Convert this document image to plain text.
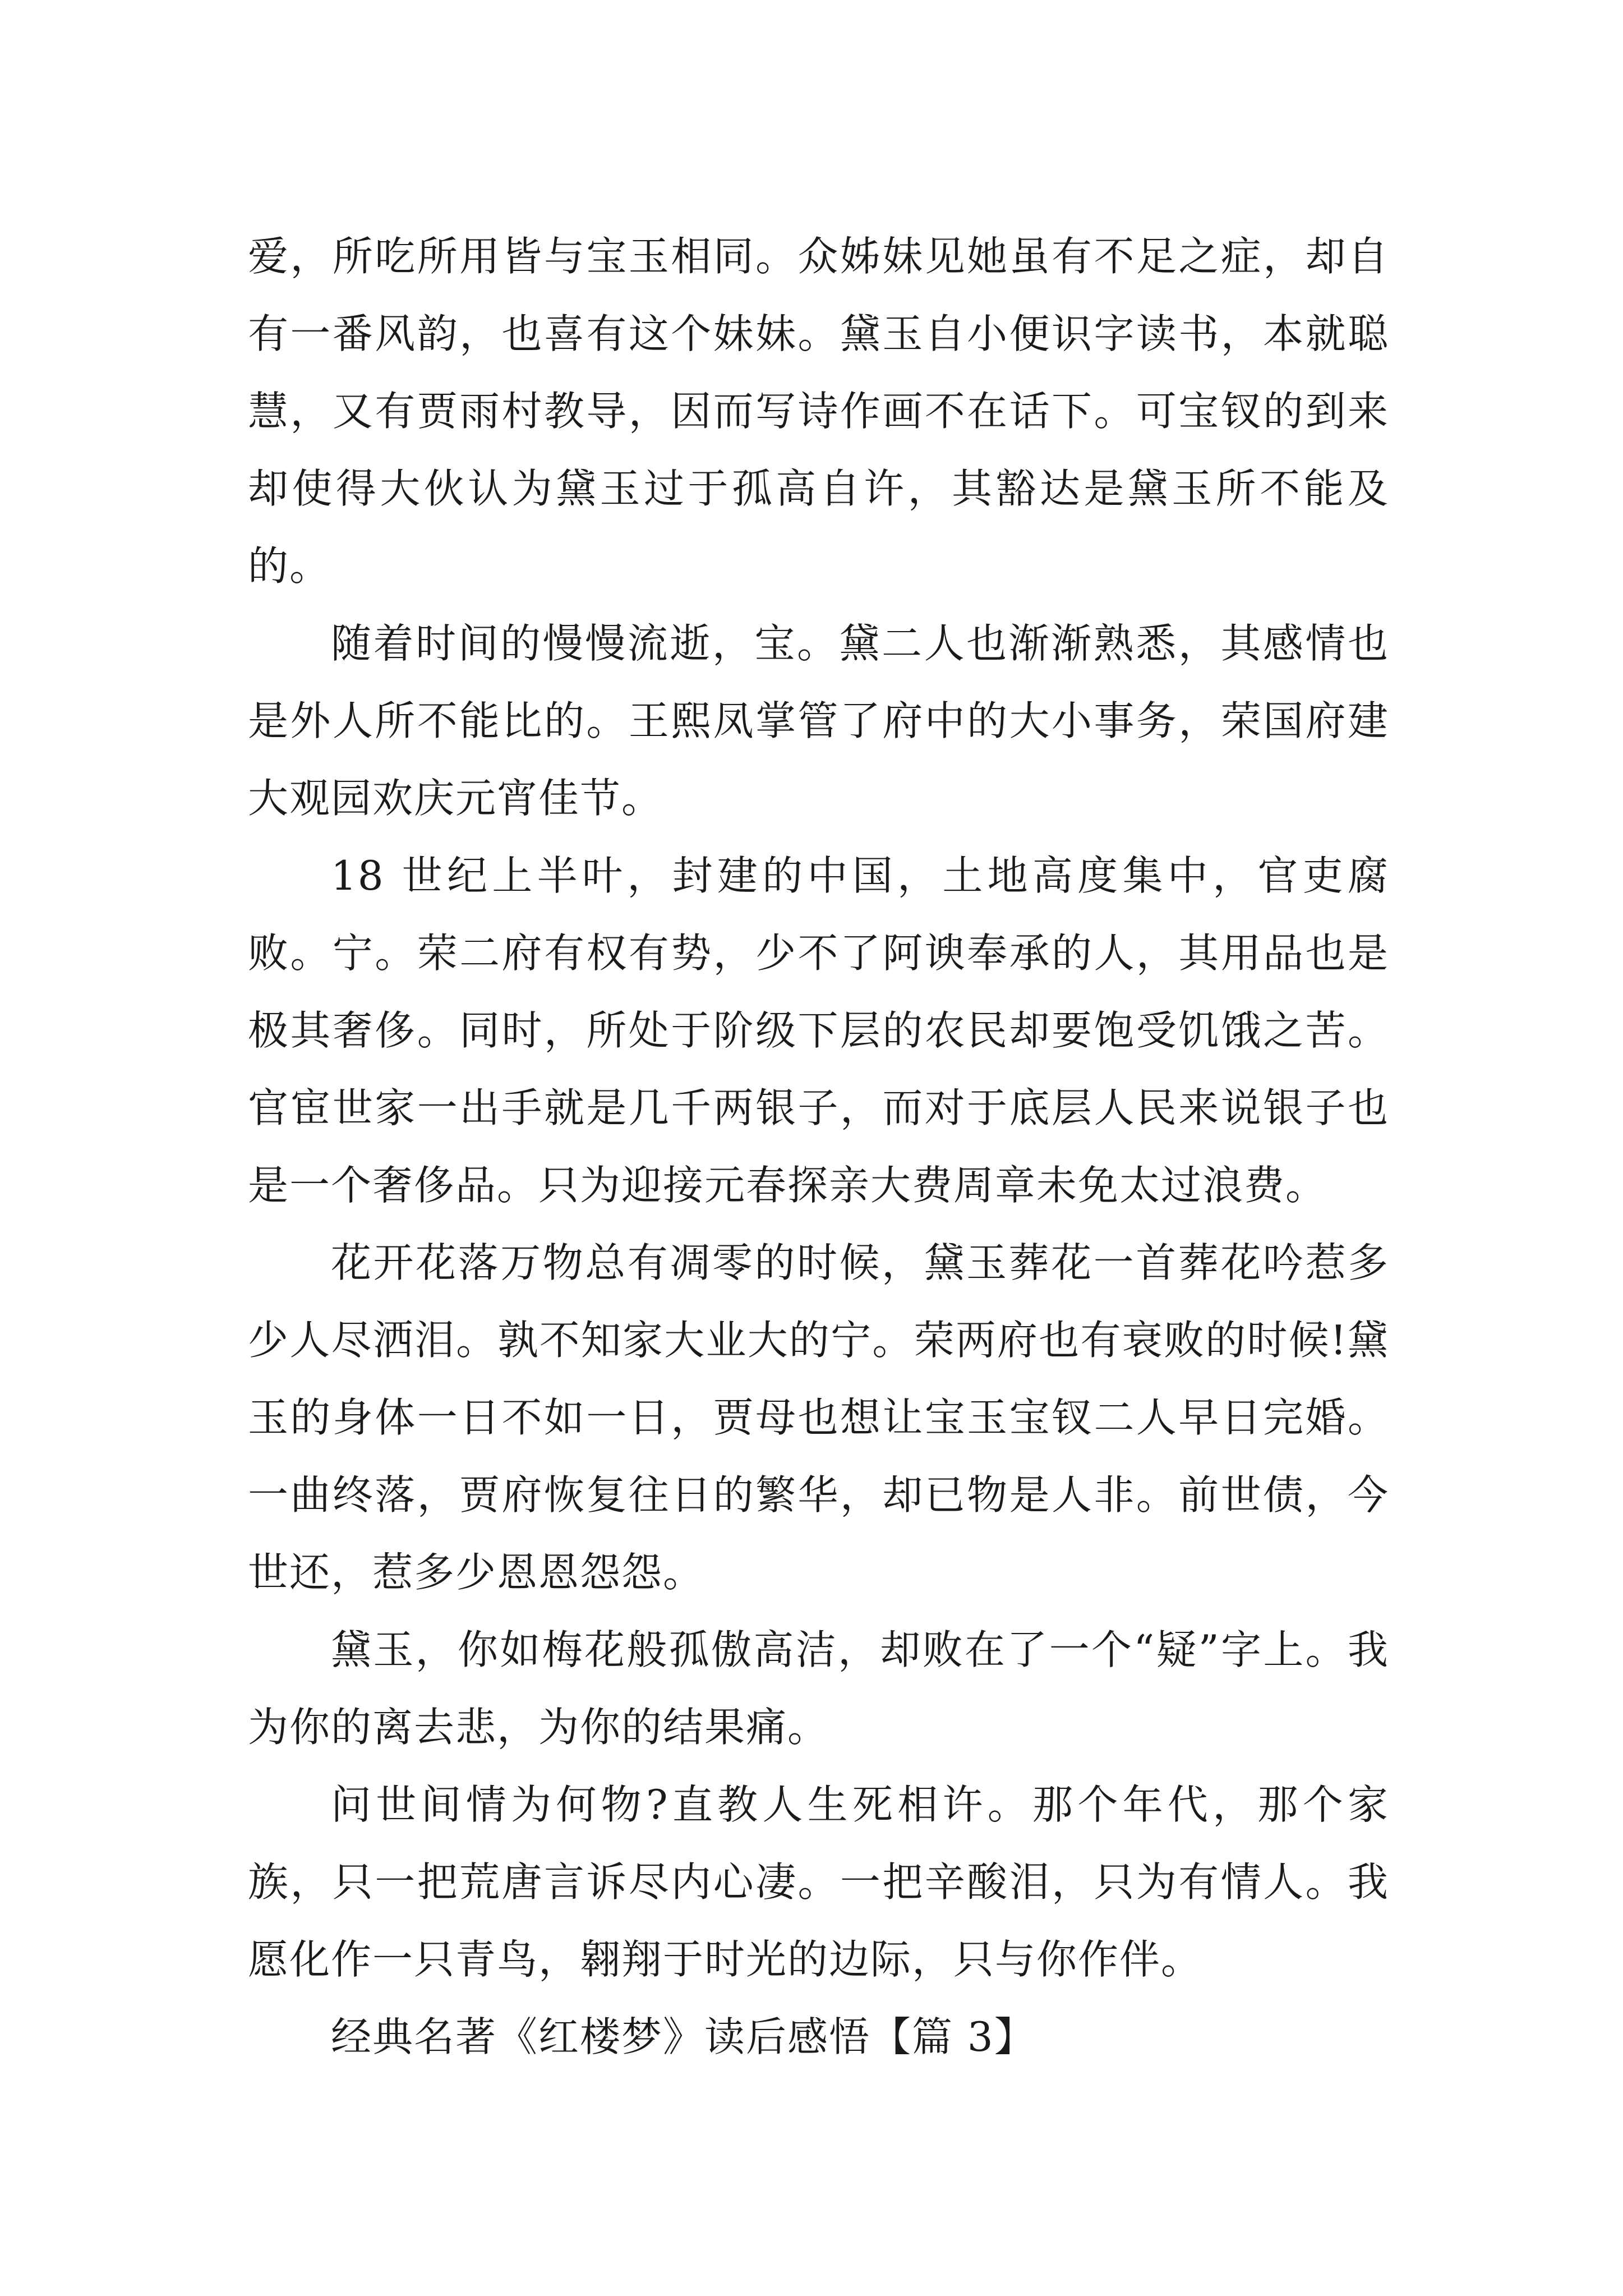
爱，所吃所用皆与宝玉相同。众姊妹见她虽有不足之症，却自有一番风韵，也喜有这个妹妹。黛玉自小便识字读书，本就聪慧，又有贾雨村教导，因而写诗作画不在话下。可宝钗的到来却使得大伙认为黛玉过于孤高自许，其豁达是黛玉所不能及的。

随着时间的慢慢流逝，宝。黛二人也渐渐熟悉，其感情也是外人所不能比的。王熙凤掌管了府中的大小事务，荣国府建大观园欢庆元宵佳节。

18 世纪上半叶，封建的中国，土地高度集中，官吏腐败。宁。荣二府有权有势，少不了阿谀奉承的人，其用品也是极其奢侈。同时，所处于阶级下层的农民却要饱受饥饿之苦。官宦世家一出手就是几千两银子，而对于底层人民来说银子也是一个奢侈品。只为迎接元春探亲大费周章未免太过浪费。

花开花落万物总有凋零的时候，黛玉葬花一首葬花吟惹多少人尽洒泪。孰不知家大业大的宁。荣两府也有衰败的时候!黛玉的身体一日不如一日，贾母也想让宝玉宝钗二人早日完婚。一曲终落，贾府恢复往日的繁华，却已物是人非。前世债，今世还，惹多少恩恩怨怨。

黛玉，你如梅花般孤傲高洁，却败在了一个“疑”字上。我为你的离去悲，为你的结果痛。

问世间情为何物?直教人生死相许。那个年代，那个家族，只一把荒唐言诉尽内心凄。一把辛酸泪，只为有情人。我愿化作一只青鸟，翱翔于时光的边际，只与你作伴。

经典名著《红楼梦》读后感悟【篇 3】
